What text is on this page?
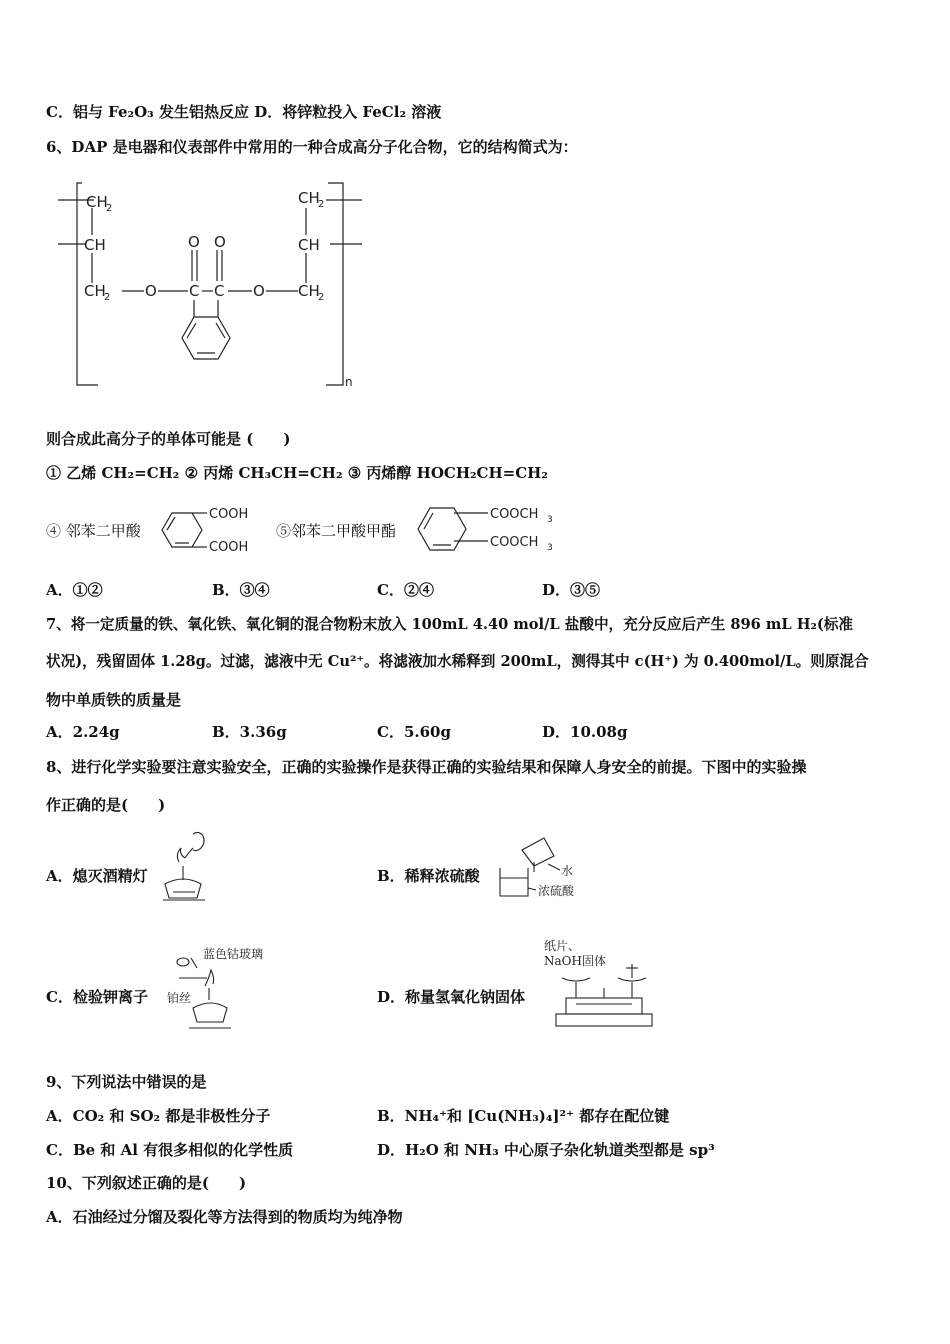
C．铝与 Fe₂O₃ 发生铝热反应 D．将锌粒投入 FeCl₂ 溶液
6、DAP 是电器和仪表部件中常用的一种合成高分子化合物，它的结构简式为：
CH
2
CH
CH
2 O
O O
C C O
CH
2
CH
CH
2
n
则合成此高分子的单体可能是 (　　)
① 乙烯 CH₂=CH₂ ② 丙烯 CH₃CH=CH₂ ③ 丙烯醇 HOCH₂CH=CH₂
④ 邻苯二甲酸
COOH
COOH
⑤邻苯二甲酸甲酯
COOCH 3
COOCH 3
A．①②	B．③④	C．②④	D．③⑤
7、将一定质量的铁、氧化铁、氧化铜的混合物粉末放入 100mL 4.40 mol/L 盐酸中，充分反应后产生 896 mL H₂(标准
状况)，残留固体 1.28g。过滤，滤液中无 Cu²⁺。将滤液加水稀释到 200mL，测得其中 c(H⁺) 为 0.400mol/L。则原混合
物中单质铁的质量是
A．2.24g	B．3.36g	C．5.60g	D．10.08g
8、进行化学实验要注意实验安全，正确的实验操作是获得正确的实验结果和保障人身安全的前提。下图中的实验操
作正确的是(　　)
A．熄灭酒精灯	B．稀释浓硫酸	水
浓硫酸
C．检验钾离子
蓝色钴玻璃
铂丝	D．称量氢氧化钠固体
纸片、
NaOH固体
9、下列说法中错误的是
A．CO₂ 和 SO₂ 都是非极性分子	B．NH₄⁺和 [Cu(NH₃)₄]²⁺ 都存在配位键
C．Be 和 Al 有很多相似的化学性质	D．H₂O 和 NH₃ 中心原子杂化轨道类型都是 sp³
10、下列叙述正确的是(　　)
A．石油经过分馏及裂化等方法得到的物质均为纯净物
